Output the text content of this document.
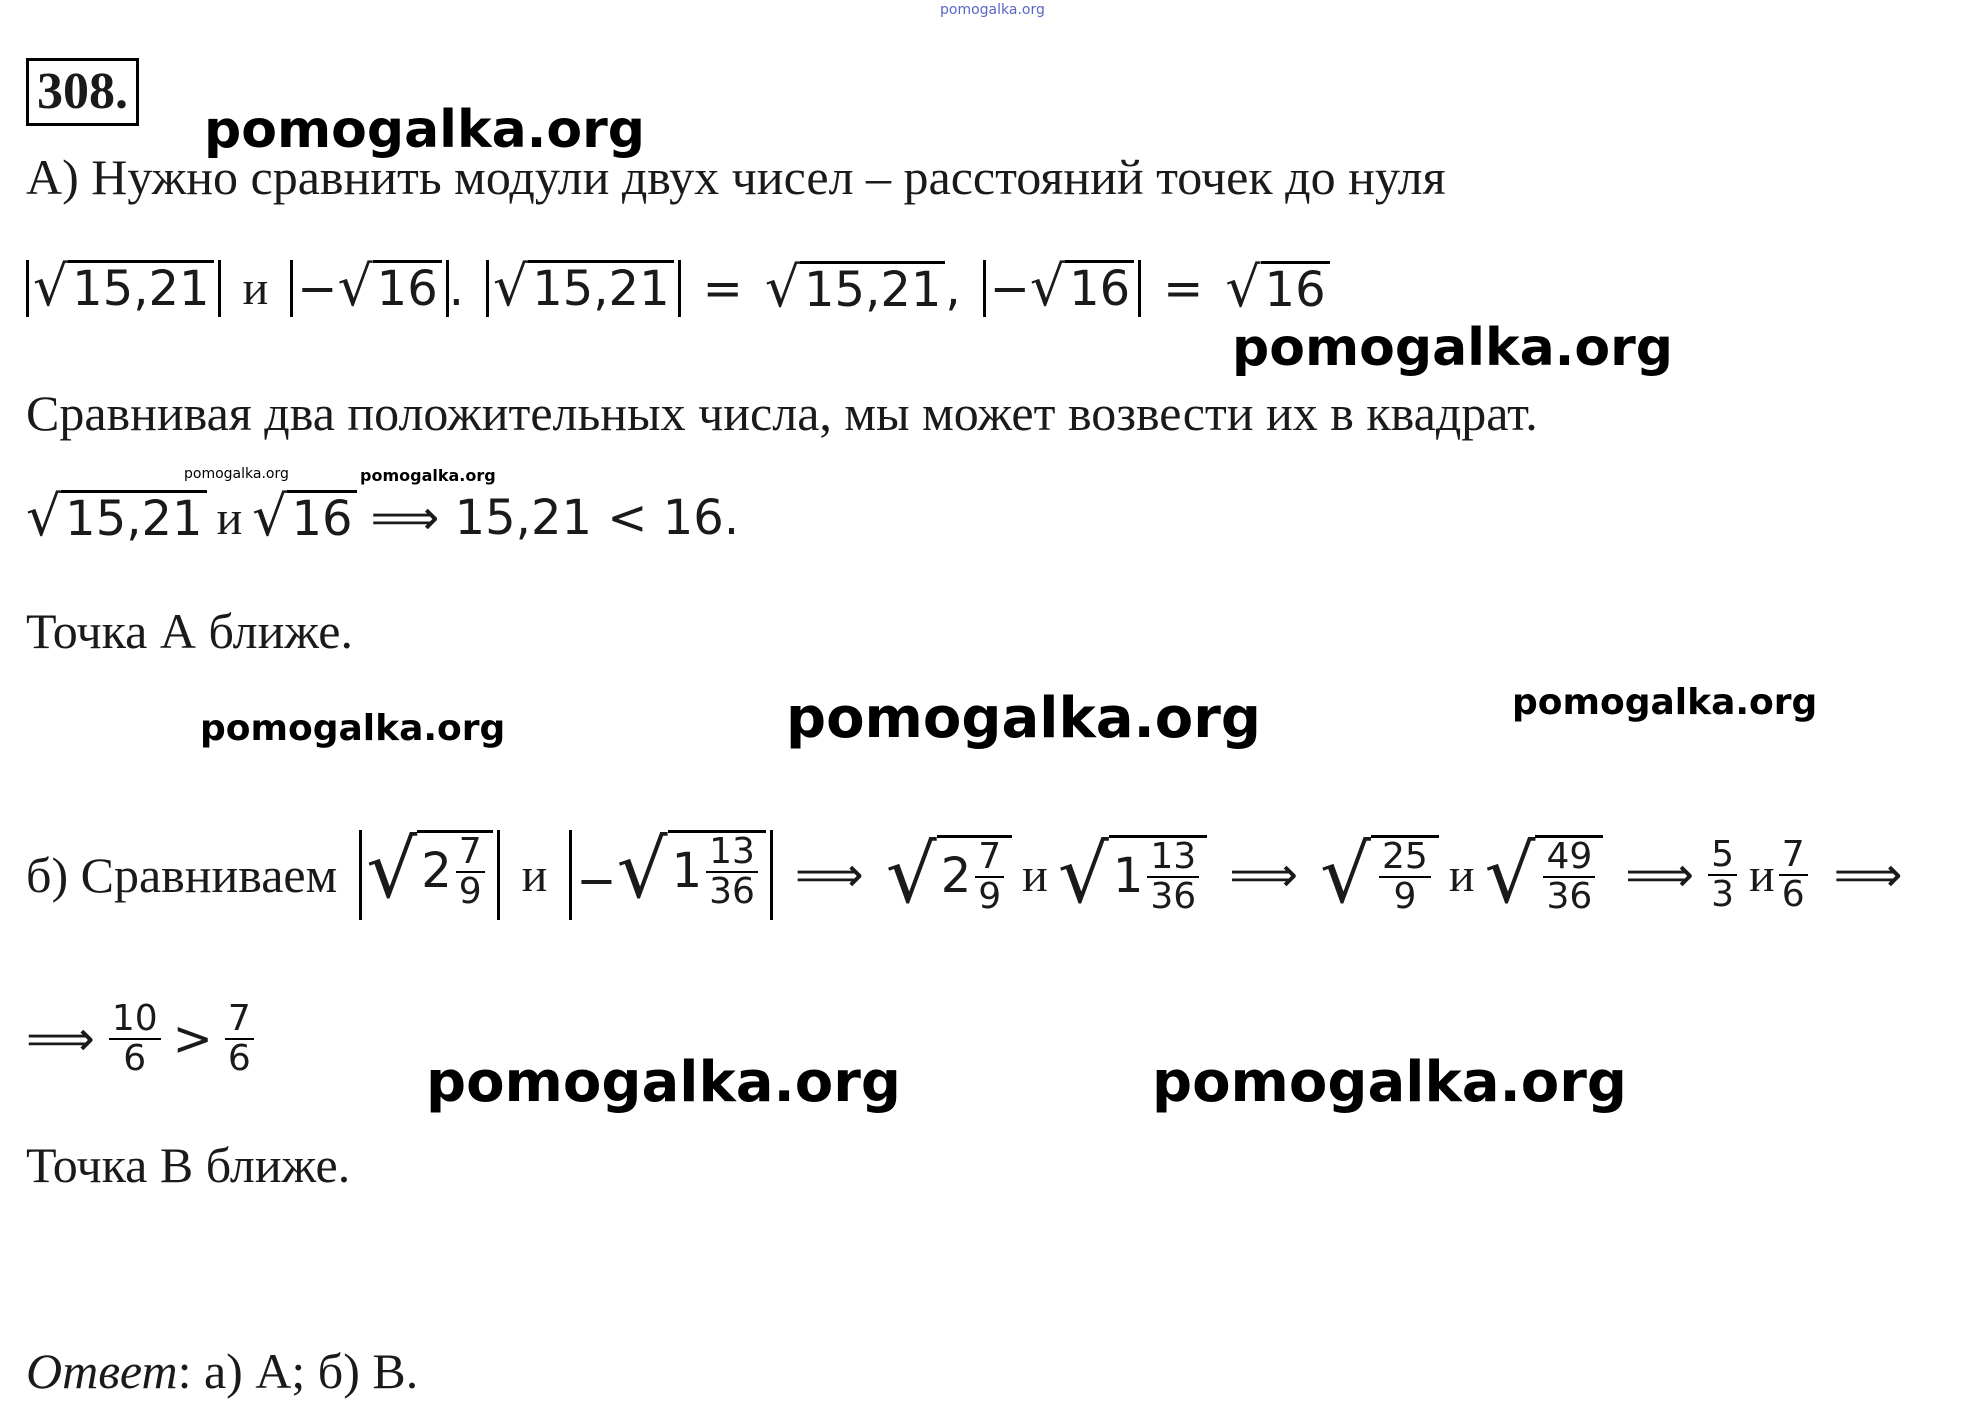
pomogalka.org
pomogalka.org
pomogalka.org
pomogalka.org	pomogalka.org
pomogalka.org	pomogalka.org	pomogalka.org
pomogalka.org	pomogalka.org
308.
А) Нужно сравнить модули двух чисел – расстояний точек до нуля
√ 15,21 и − √ 16 . √ 15,21 = √ 15,21 , − √ 16 = √ 16
Сравнивая два положительных числа, мы может возвести их в квадрат.
√ 15,21 и √ 16 ⟹ 15,21 < 16.
Точка А ближе.
б) Сравниваем √ $2 \frac{7}{9}$ и − √ $1 \frac{13}{36}$ ⟹ √ $2 \frac{7}{9}$ и √ $1 \frac{13}{36}$ ⟹ √ $\frac{25}{9}$ и √ $\frac{49}{36}$ ⟹ $\frac{5}{3}$ и $\frac{7}{6}$ ⟹
⟹ $\frac{10}{6} > \frac{7}{6}$
Точка В ближе.
Ответ: а) А; б) В.
